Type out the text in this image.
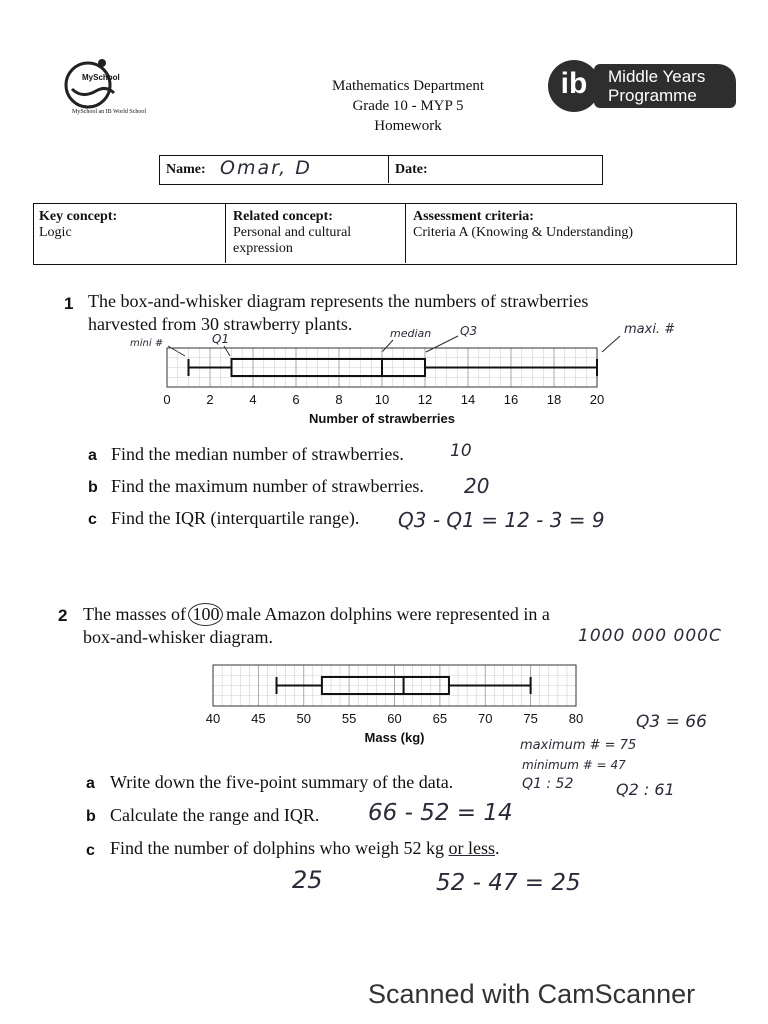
MySchool
MySchool an IB World School
Mathematics Department
Grade 10 - MYP 5
Homework
ib	Middle Years
Programme
Name: Omar, D	Date:
Key concept:
Logic
Related concept:
Personal and cultural
expression
Assessment criteria:
Criteria A (Knowing & Understanding)
1 The box-and-whisker diagram represents the numbers of strawberries
harvested from 30 strawberry plants.
mini #	Q1	median Q3	maxi. #
0	2	4	6	8 10 12 14 16 18 20
Number of strawberries
a Find the median number of strawberries.	10
b Find the maximum number of strawberries. 20
c Find the IQR (interquartile range). Q3 - Q1 = 12 - 3 = 9
2 The masses of 100 male Amazon dolphins were represented in a
box-and-whisker diagram.	1000 000 000C
40 45 50 55 60 65 70 75 80
Mass (kg)
Q3 = 66
maximum # = 75
minimum # = 47
Q1 : 52	Q2 : 61
a Write down the five-point summary of the data.
b Calculate the range and IQR. 66 - 52 = 14
c Find the number of dolphins who weigh 52 kg or less.
25	52 - 47 = 25
Scanned with CamScanner
